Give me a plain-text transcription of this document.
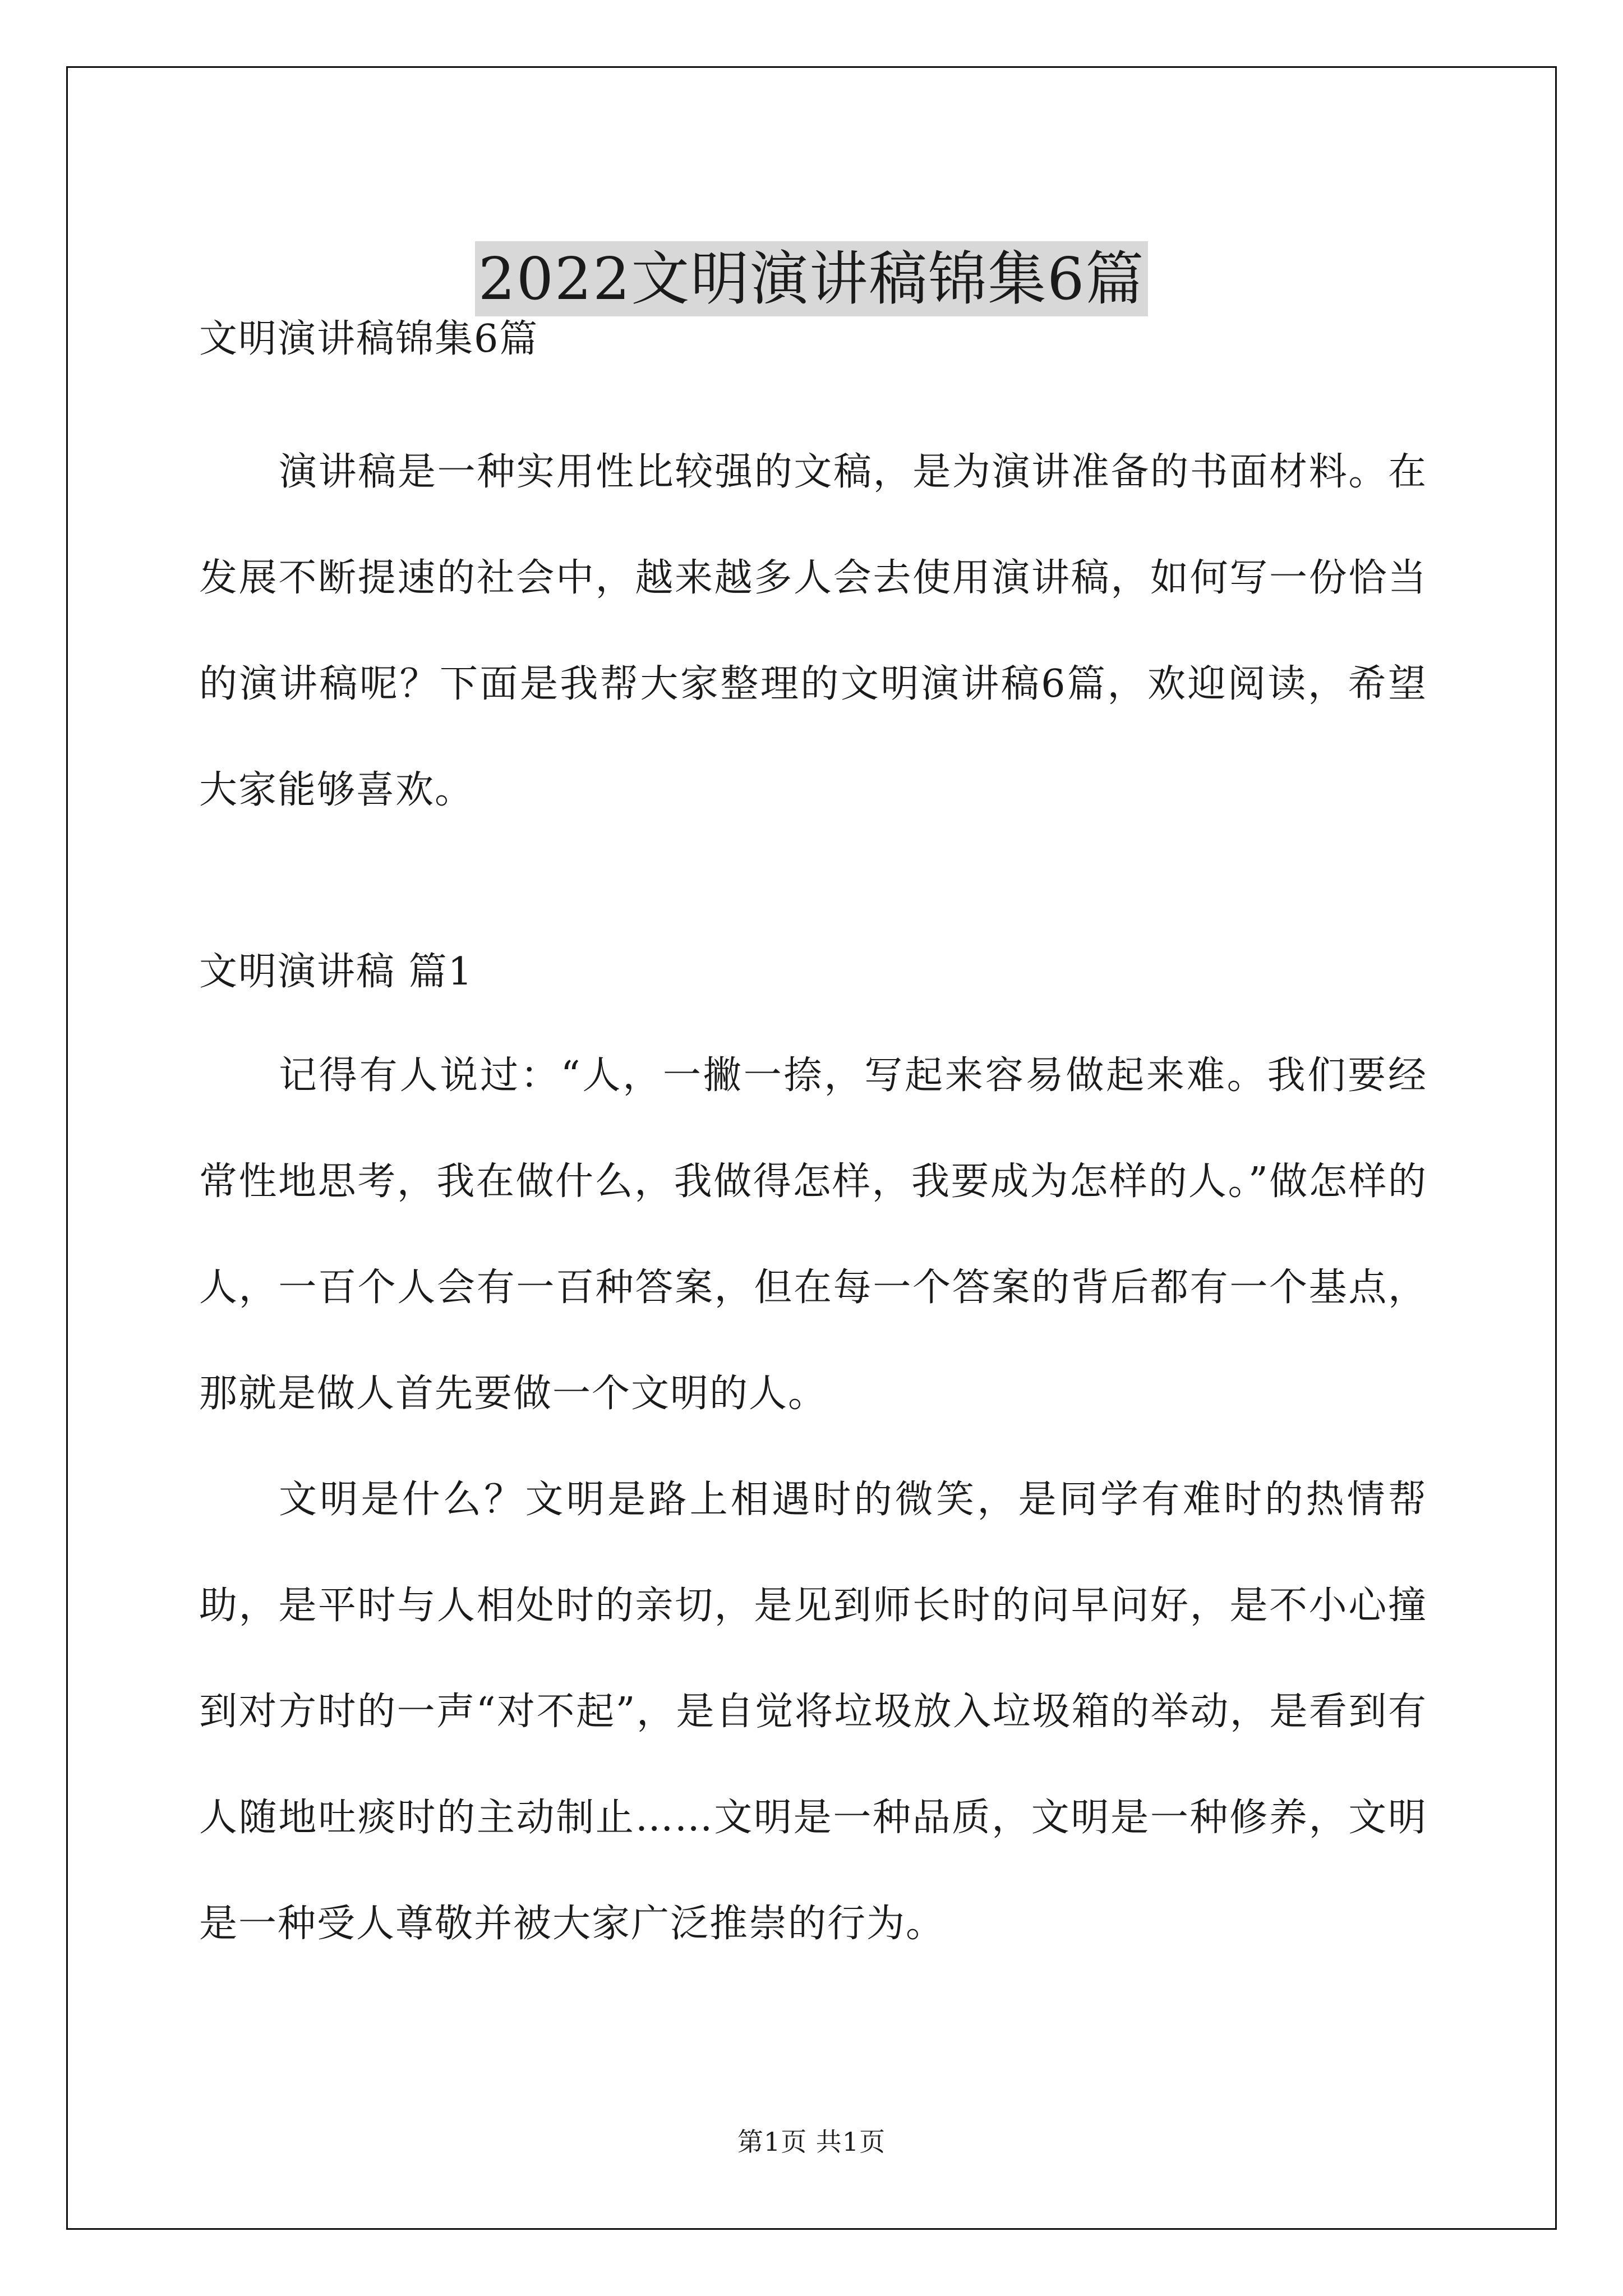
2022文明演讲稿锦集6篇

文明演讲稿锦集6篇

演讲稿是一种实用性比较强的文稿，是为演讲准备的书面材料。在发展不断提速的社会中，越来越多人会去使用演讲稿，如何写一份恰当的演讲稿呢？下面是我帮大家整理的文明演讲稿6篇，欢迎阅读，希望大家能够喜欢。

文明演讲稿 篇1

记得有人说过：“人，一撇一捺，写起来容易做起来难。我们要经常性地思考，我在做什么，我做得怎样，我要成为怎样的人。”做怎样的人，一百个人会有一百种答案，但在每一个答案的背后都有一个基点，那就是做人首先要做一个文明的人。

文明是什么？文明是路上相遇时的微笑，是同学有难时的热情帮助，是平时与人相处时的亲切，是见到师长时的问早问好，是不小心撞到对方时的一声“对不起”，是自觉将垃圾放入垃圾箱的举动，是看到有人随地吐痰时的主动制止……文明是一种品质，文明是一种修养，文明是一种受人尊敬并被大家广泛推崇的行为。

第1页 共1页
